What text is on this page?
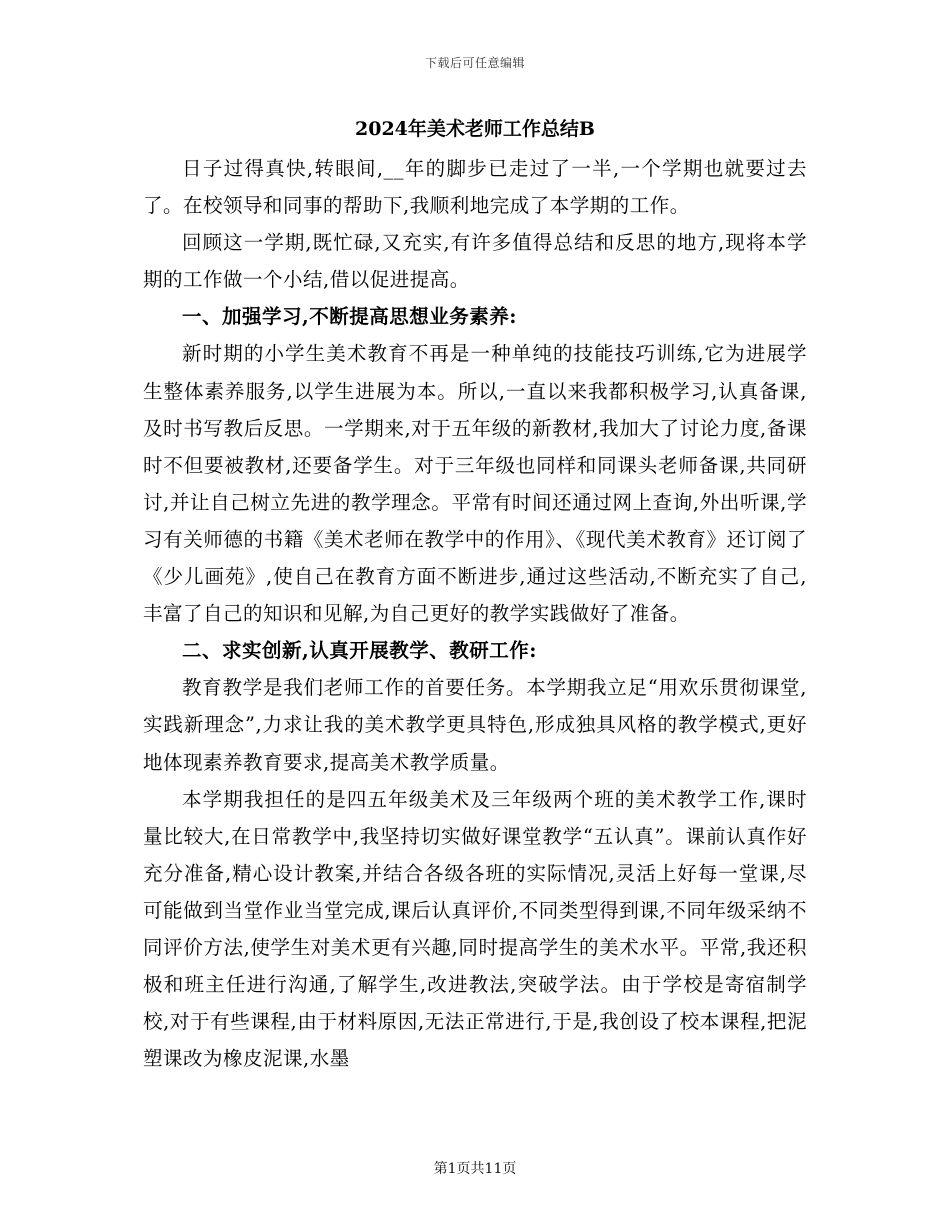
下载后可任意编辑
2024年美术老师工作总结B

日子过得真快,转眼间,__年的脚步已走过了一半,一个学期也就要过去了。在校领导和同事的帮助下,我顺利地完成了本学期的工作。

回顾这一学期,既忙碌,又充实,有许多值得总结和反思的地方,现将本学期的工作做一个小结,借以促进提高。

一、加强学习,不断提高思想业务素养:

新时期的小学生美术教育不再是一种单纯的技能技巧训练,它为进展学生整体素养服务,以学生进展为本。所以,一直以来我都积极学习,认真备课,及时书写教后反思。一学期来,对于五年级的新教材,我加大了讨论力度,备课时不但要被教材,还要备学生。对于三年级也同样和同课头老师备课,共同研讨,并让自己树立先进的教学理念。平常有时间还通过网上查询,外出听课,学习有关师德的书籍《美术老师在教学中的作用》、《现代美术教育》还订阅了《少儿画苑》,使自己在教育方面不断进步,通过这些活动,不断充实了自己,丰富了自己的知识和见解,为自己更好的教学实践做好了准备。

二、求实创新,认真开展教学、教研工作:

教育教学是我们老师工作的首要任务。本学期我立足“用欢乐贯彻课堂,实践新理念”,力求让我的美术教学更具特色,形成独具风格的教学模式,更好地体现素养教育要求,提高美术教学质量。

本学期我担任的是四五年级美术及三年级两个班的美术教学工作,课时量比较大,在日常教学中,我坚持切实做好课堂教学“五认真”。课前认真作好充分准备,精心设计教案,并结合各级各班的实际情况,灵活上好每一堂课,尽可能做到当堂作业当堂完成,课后认真评价,不同类型得到课,不同年级采纳不同评价方法,使学生对美术更有兴趣,同时提高学生的美术水平。平常,我还积极和班主任进行沟通,了解学生,改进教法,突破学法。由于学校是寄宿制学校,对于有些课程,由于材料原因,无法正常进行,于是,我创设了校本课程,把泥塑课改为橡皮泥课,水墨

第1页共11页
